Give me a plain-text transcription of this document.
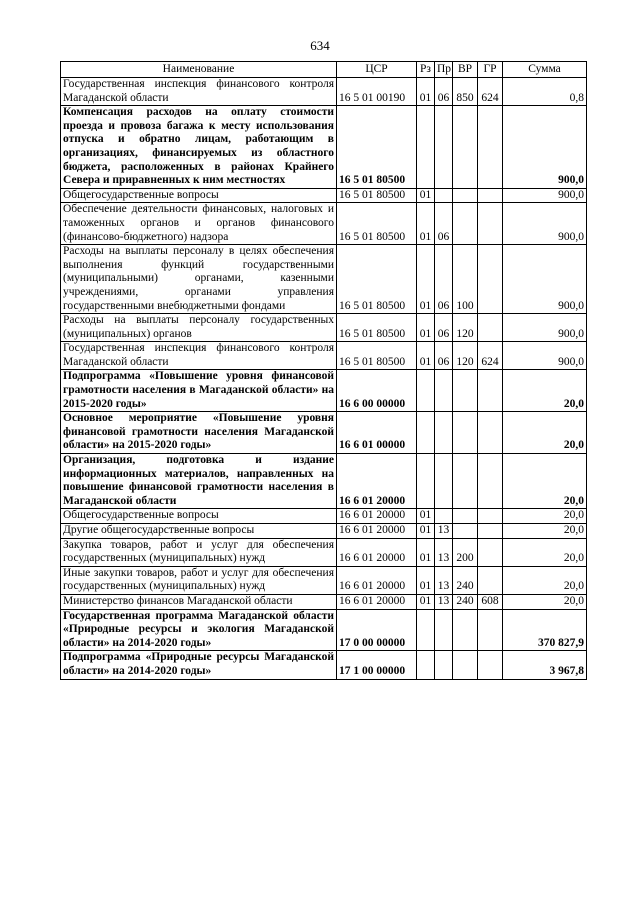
634
Наименование	ЦСР	Рз	Пр	ВР	ГР	Сумма
Государственная инспекция финансового контроля Магаданской области	16 5 01 00190	01	06	850	624	0,8
Компенсация расходов на оплату стоимости проезда и провоза багажа к месту использования отпуска и обратно лицам, работающим в организациях, финансируемых из областного бюджета, расположенных в районах Крайнего Севера и приравненных к ним местностях	16 5 01 80500					900,0
Общегосударственные вопросы	16 5 01 80500	01				900,0
Обеспечение деятельности финансовых, налоговых и таможенных органов и органов финансового (финансово-бюджетного) надзора	16 5 01 80500	01	06			900,0
Расходы на выплаты персоналу в целях обеспечения выполнения функций государственными (муниципальными) органами, казенными учреждениями, органами управления государственными внебюджетными фондами	16 5 01 80500	01	06	100		900,0
Расходы на выплаты персоналу государственных (муниципальных) органов	16 5 01 80500	01	06	120		900,0
Государственная инспекция финансового контроля Магаданской области	16 5 01 80500	01	06	120	624	900,0
Подпрограмма «Повышение уровня финансовой грамотности населения в Магаданской области» на 2015-2020 годы»	16 6 00 00000					20,0
Основное мероприятие «Повышение уровня финансовой грамотности населения Магаданской области» на 2015-2020 годы»	16 6 01 00000					20,0
Организация, подготовка и издание информационных материалов, направленных на повышение финансовой грамотности населения в Магаданской области	16 6 01 20000					20,0
Общегосударственные вопросы	16 6 01 20000	01				20,0
Другие общегосударственные вопросы	16 6 01 20000	01	13			20,0
Закупка товаров, работ и услуг для обеспечения государственных (муниципальных) нужд	16 6 01 20000	01	13	200		20,0
Иные закупки товаров, работ и услуг для обеспечения государственных (муниципальных) нужд	16 6 01 20000	01	13	240		20,0
Министерство финансов Магаданской области	16 6 01 20000	01	13	240	608	20,0
Государственная программа Магаданской области «Природные ресурсы и экология Магаданской области» на 2014-2020 годы»	17 0 00 00000					370 827,9
Подпрограмма «Природные ресурсы Магаданской области» на 2014-2020 годы»	17 1 00 00000					3 967,8
